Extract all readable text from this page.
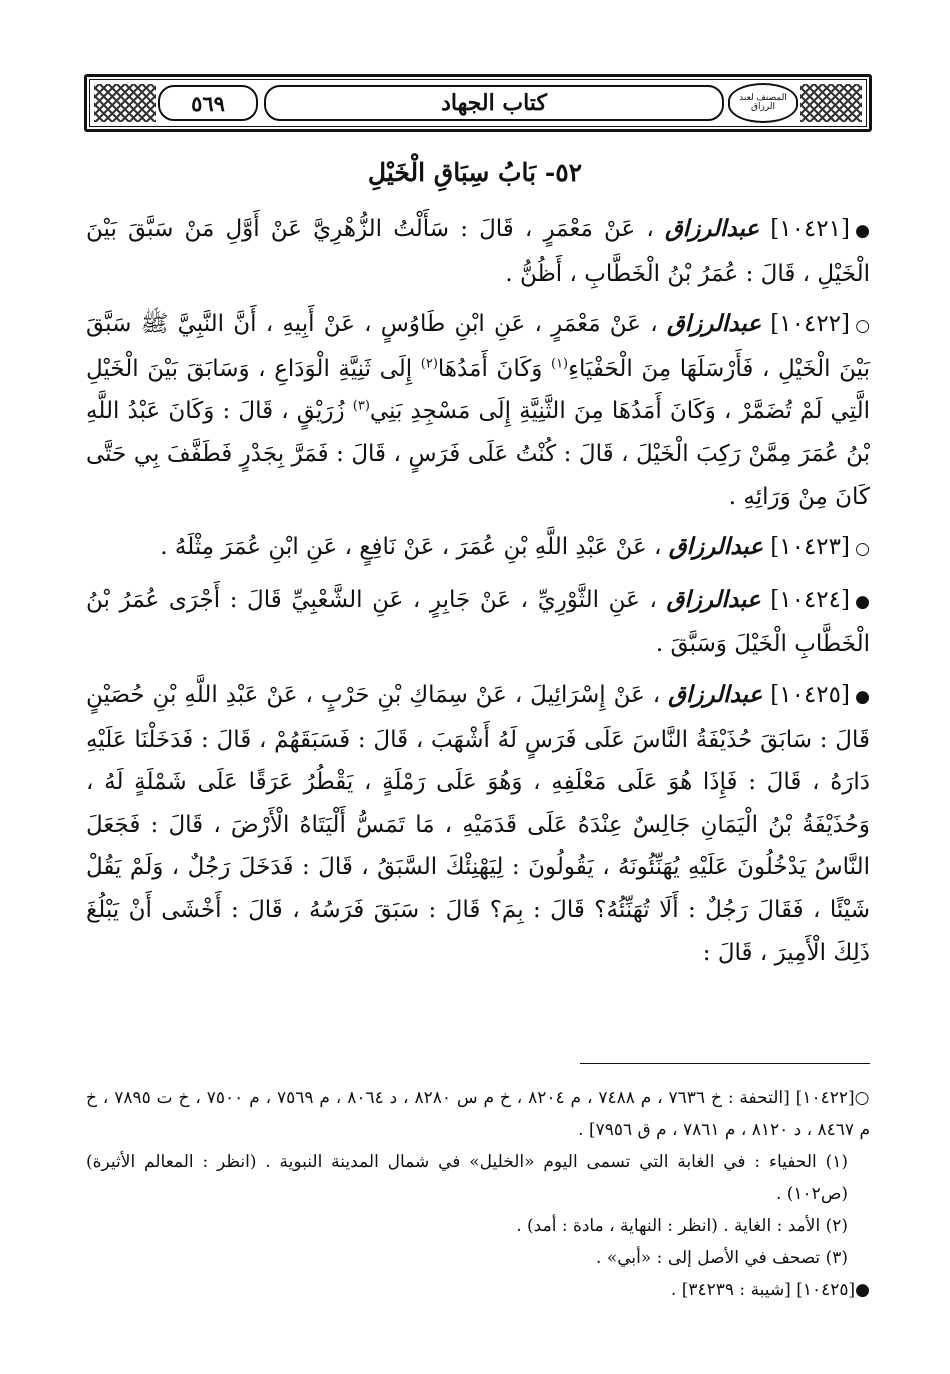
المصنف لعبد الرزاق
كتاب الجهاد
٥٦٩
٥٢- بَابُ سِبَاقِ الْخَيْلِ

●[١٠٤٢١] عبدالرزاق ، عَنْ مَعْمَرٍ ، قَالَ : سَأَلْتُ الزُّهْرِيَّ عَنْ أَوَّلِ مَنْ سَبَّقَ بَيْنَ الْخَيْلِ ، قَالَ : عُمَرُ بْنُ الْخَطَّابِ ، أَظُنُّ .

○[١٠٤٢٢] عبدالرزاق ، عَنْ مَعْمَرٍ ، عَنِ ابْنِ طَاوُسٍ ، عَنْ أَبِيهِ ، أَنَّ النَّبِيَّ ﷺ سَبَّقَ بَيْنَ الْخَيْلِ ، فَأَرْسَلَهَا مِنَ الْحَفْيَاءِ$^{(١)}$ وَكَانَ أَمَدُهَا$^{(٢)}$ إِلَى ثَنِيَّةِ الْوَدَاعِ ، وَسَابَقَ بَيْنَ الْخَيْلِ الَّتِي لَمْ تُضَمَّرْ ، وَكَانَ أَمَدُهَا مِنَ الثَّنِيَّةِ إِلَى مَسْجِدِ بَنِي$^{(٣)}$ زُرَيْقٍ ، قَالَ : وَكَانَ عَبْدُ اللَّهِ بْنُ عُمَرَ مِمَّنْ رَكِبَ الْخَيْلَ ، قَالَ : كُنْتُ عَلَى فَرَسٍ ، قَالَ : فَمَرَّ بِجَدْرٍ فَطَفَّفَ بِي حَتَّى كَانَ مِنْ وَرَائِهِ .

○[١٠٤٢٣] عبدالرزاق ، عَنْ عَبْدِ اللَّهِ بْنِ عُمَرَ ، عَنْ نَافِعٍ ، عَنِ ابْنِ عُمَرَ مِثْلَهُ .

●[١٠٤٢٤] عبدالرزاق ، عَنِ الثَّوْرِيِّ ، عَنْ جَابِرٍ ، عَنِ الشَّعْبِيِّ قَالَ : أَجْرَى عُمَرُ بْنُ الْخَطَّابِ الْخَيْلَ وَسَبَّقَ .

●[١٠٤٢٥] عبدالرزاق ، عَنْ إِسْرَائِيلَ ، عَنْ سِمَاكِ بْنِ حَرْبٍ ، عَنْ عَبْدِ اللَّهِ بْنِ حُصَيْنٍ قَالَ : سَابَقَ حُذَيْفَةُ النَّاسَ عَلَى فَرَسٍ لَهُ أَشْهَبَ ، قَالَ : فَسَبَقَهُمْ ، قَالَ : فَدَخَلْنَا عَلَيْهِ دَارَهُ ، قَالَ : فَإِذَا هُوَ عَلَى مَعْلَفِهِ ، وَهُوَ عَلَى رَمْلَةٍ ، يَقْطُرُ عَرَقًا عَلَى شَمْلَةٍ لَهُ ، وَحُذَيْفَةُ بْنُ الْيَمَانِ جَالِسٌ عِنْدَهُ عَلَى قَدَمَيْهِ ، مَا تَمَسُّ أَلْيَتَاهُ الْأَرْضَ ، قَالَ : فَجَعَلَ النَّاسُ يَدْخُلُونَ عَلَيْهِ يُهَنِّئُونَهُ ، يَقُولُونَ : لِيَهْنِئْكَ السَّبَقُ ، قَالَ : فَدَخَلَ رَجُلٌ ، وَلَمْ يَقُلْ شَيْئًا ، فَقَالَ رَجُلٌ : أَلَا تُهَنِّئُهُ؟ قَالَ : بِمَ؟ قَالَ : سَبَقَ فَرَسُهُ ، قَالَ : أَخْشَى أَنْ يَبْلُغَ ذَلِكَ الْأَمِيرَ ، قَالَ :

○[١٠٤٢٢] [التحفة : خ ٧٦٣٦ ، م ٧٤٨٨ ، م ٨٢٠٤ ، خ م س ٨٢٨٠ ، د ٨٠٦٤ ، م ٧٥٦٩ ، م ٧٥٠٠ ، خ ت ٧٨٩٥ ، خ م ٨٤٦٧ ، د ٨١٢٠ ، م ٧٨٦١ ، م ق ٧٩٥٦] .

(١) الحفياء : في الغابة التي تسمى اليوم «الخليل» في شمال المدينة النبوية . (انظر : المعالم الأثيرة) (ص١٠٢) .

(٢) الأمد : الغاية . (انظر : النهاية ، مادة : أمد) .

(٣) تصحف في الأصل إلى : «أبي» .

●[١٠٤٢٥] [شيبة : ٣٤٢٣٩] .
